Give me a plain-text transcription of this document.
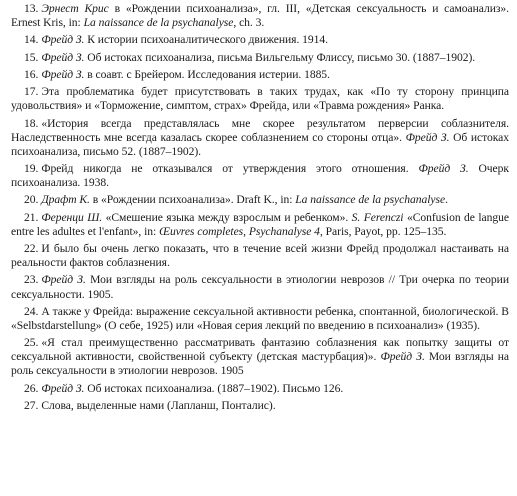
13. Эрнест Крис в «Рождении психоанализа», гл. III, «Детская сексуальность и самоанализ». Ernest Kris, in: La naissance de la psychanalyse, ch. 3.

14. Фрейд З. К истории психоаналитического движения. 1914.

15. Фрейд З. Об истоках психоанализа, письма Вильгельму Флиссу, письмо 30. (1887–1902).

16. Фрейд З. в соавт. с Брейером. Исследования истерии. 1885.

17. Эта проблематика будет присутствовать в таких трудах, как «По ту сторону принципа удовольствия» и «Торможение, симптом, страх» Фрейда, или «Травма рождения» Ранка.

18. «История всегда представлялась мне скорее результатом перверсии соблазнителя. Наследственность мне всегда казалась скорее соблазнением со стороны отца». Фрейд З. Об истоках психоанализа, письмо 52. (1887–1902).

19. Фрейд никогда не отказывался от утверждения этого отношения. Фрейд З. Очерк психоанализа. 1938.

20. Драфт К. в «Рождении психоанализа». Draft K., in: La naissance de la psychanalyse.

21. Ференци Ш. «Смешение языка между взрослым и ребенком». S. Ferenczi «Confusion de langue entre les adultes et l'enfant», in: Œuvres completes, Psychanalyse 4, Paris, Payot, pp. 125–135.

22. И было бы очень легко показать, что в течение всей жизни Фрейд продолжал настаивать на реальности фактов соблазнения.

23. Фрейд З. Мои взгляды на роль сексуальности в этиологии неврозов // Три очерка по теории сексуальности. 1905.

24. А также у Фрейда: выражение сексуальной активности ребенка, спонтанной, биологической. В «Selbstdarstellung» (О себе, 1925) или «Новая серия лекций по введению в психоанализ» (1935).

25. «Я стал преимущественно рассматривать фантазию соблазнения как попытку защиты от сексуальной активности, свойственной субъекту (детская мастурбация)». Фрейд З. Мои взгляды на роль сексуальности в этиологии неврозов. 1905

26. Фрейд З. Об истоках психоанализа. (1887–1902). Письмо 126.

27. Слова, выделенные нами (Лапланш, Понталис).
